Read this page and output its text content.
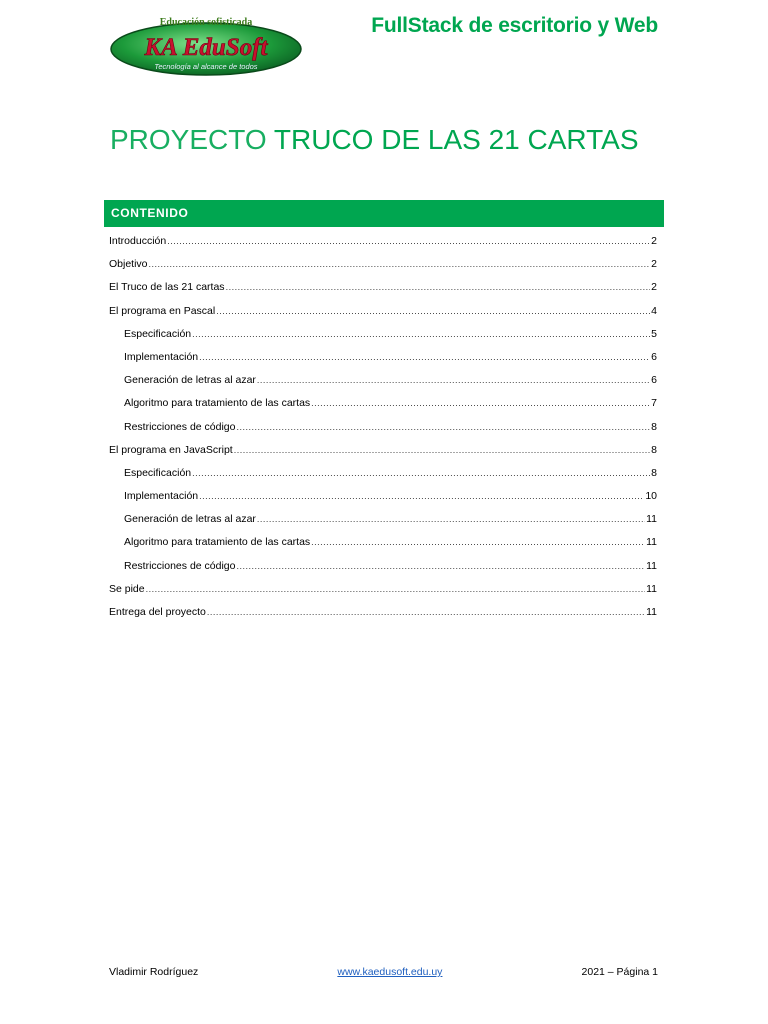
Educación sofisticada
KA EduSoft
Tecnología al alcance de todos
FullStack de escritorio y Web
PROYECTO TRUCO DE LAS 21 CARTAS
CONTENIDO
Introducción .....	2
Objetivo .....	2
El Truco de las 21 cartas .....	2
El programa en Pascal .....	4
Especificación .....	5
Implementación .....	6
Generación de letras al azar .....	6
Algoritmo para tratamiento de las cartas .....	7
Restricciones de código .....	8
El programa en JavaScript .....	8
Especificación .....	8
Implementación .....	10
Generación de letras al azar .....	11
Algoritmo para tratamiento de las cartas .....	11
Restricciones de código .....	11
Se pide .....	11
Entrega del proyecto .....	11
Vladimir Rodríguez	www.kaedusoft.edu.uy	2021 – Página 1
